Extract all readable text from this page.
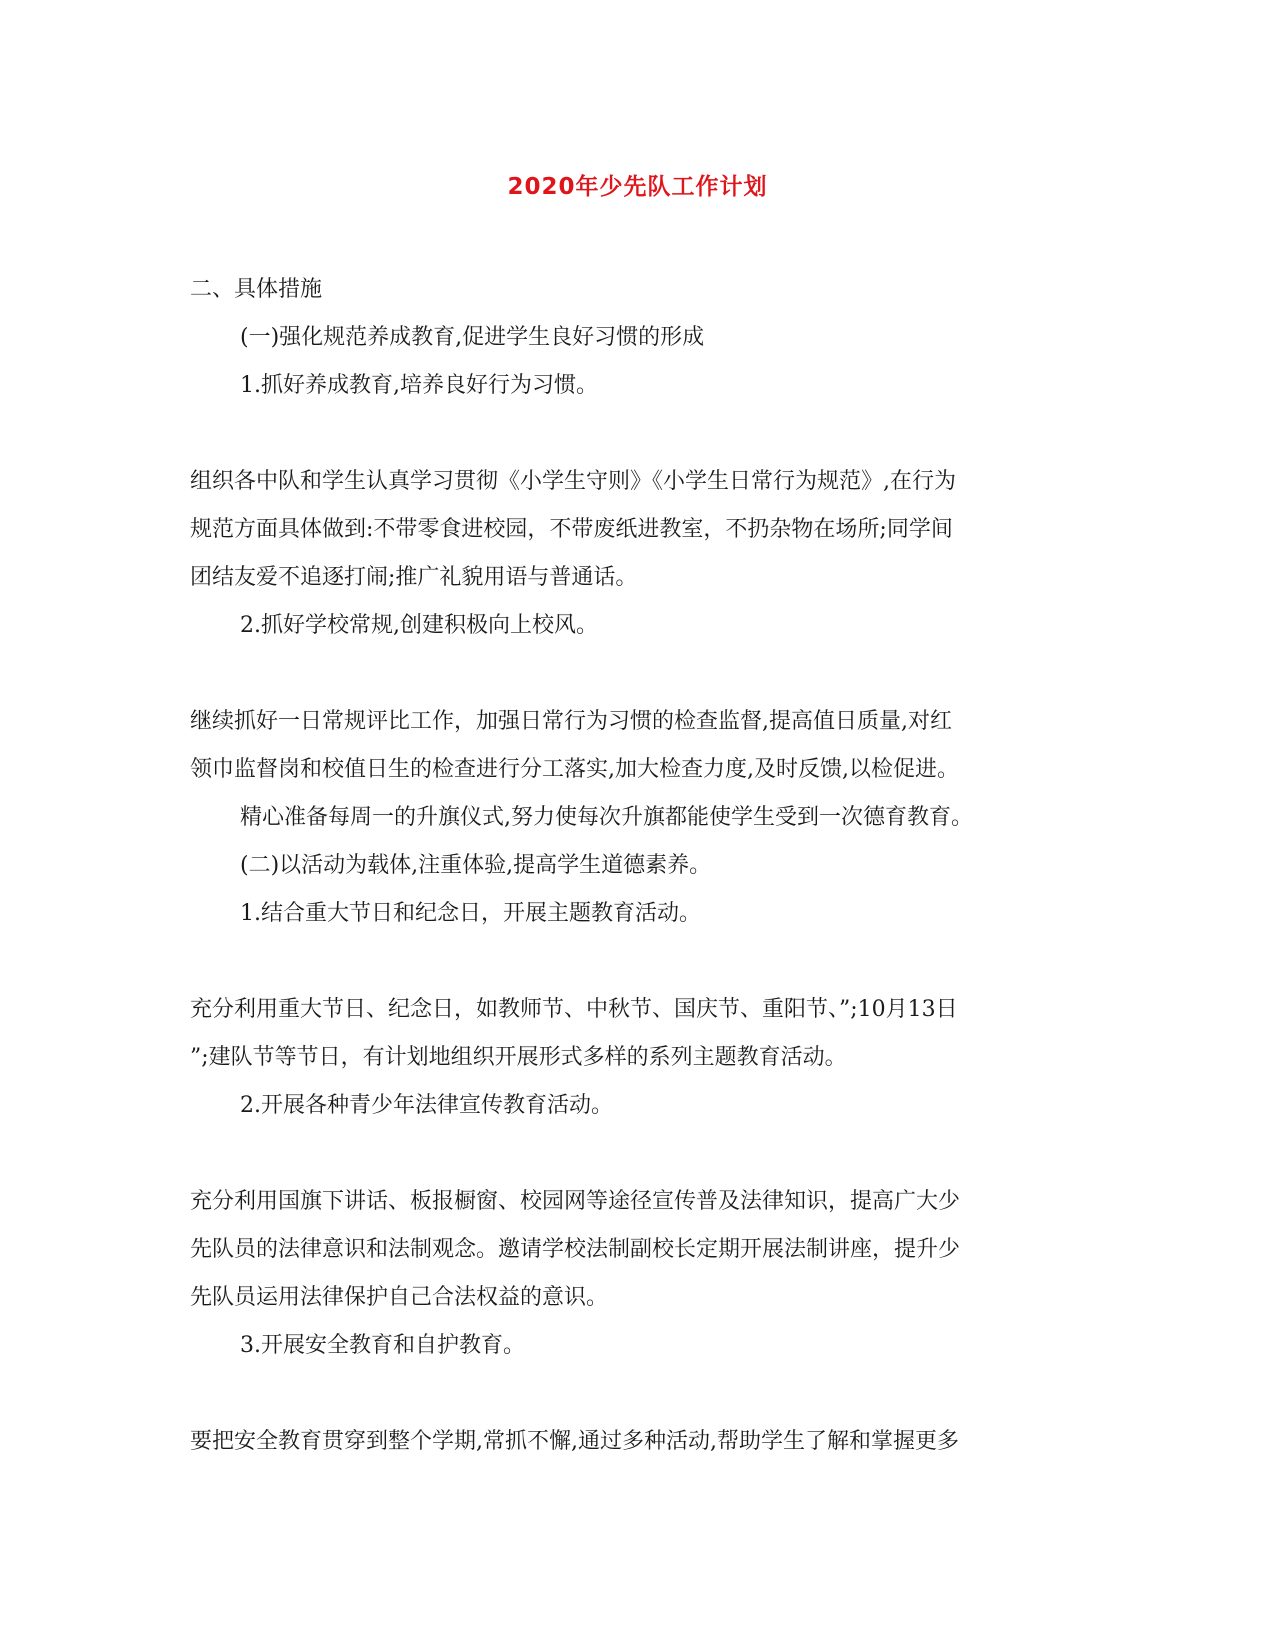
2020年少先队工作计划
二、具体措施
(一)强化规范养成教育,促进学生良好习惯的形成
1.抓好养成教育,培养良好行为习惯。
组织各中队和学生认真学习贯彻《小学生守则》《小学生日常行为规范》,在行为
规范方面具体做到:不带零食进校园，不带废纸进教室，不扔杂物在场所;同学间
团结友爱不追逐打闹;推广礼貌用语与普通话。
2.抓好学校常规,创建积极向上校风。
继续抓好一日常规评比工作，加强日常行为习惯的检查监督,提高值日质量,对红
领巾监督岗和校值日生的检查进行分工落实,加大检查力度,及时反馈,以检促进。
精心准备每周一的升旗仪式,努力使每次升旗都能使学生受到一次德育教育。
(二)以活动为载体,注重体验,提高学生道德素养。
1.结合重大节日和纪念日，开展主题教育活动。
充分利用重大节日、纪念日，如教师节、中秋节、国庆节、重阳节、”;10月13日
”;建队节等节日，有计划地组织开展形式多样的系列主题教育活动。
2.开展各种青少年法律宣传教育活动。
充分利用国旗下讲话、板报橱窗、校园网等途径宣传普及法律知识，提高广大少
先队员的法律意识和法制观念。邀请学校法制副校长定期开展法制讲座，提升少
先队员运用法律保护自己合法权益的意识。
3.开展安全教育和自护教育。
要把安全教育贯穿到整个学期,常抓不懈,通过多种活动,帮助学生了解和掌握更多
